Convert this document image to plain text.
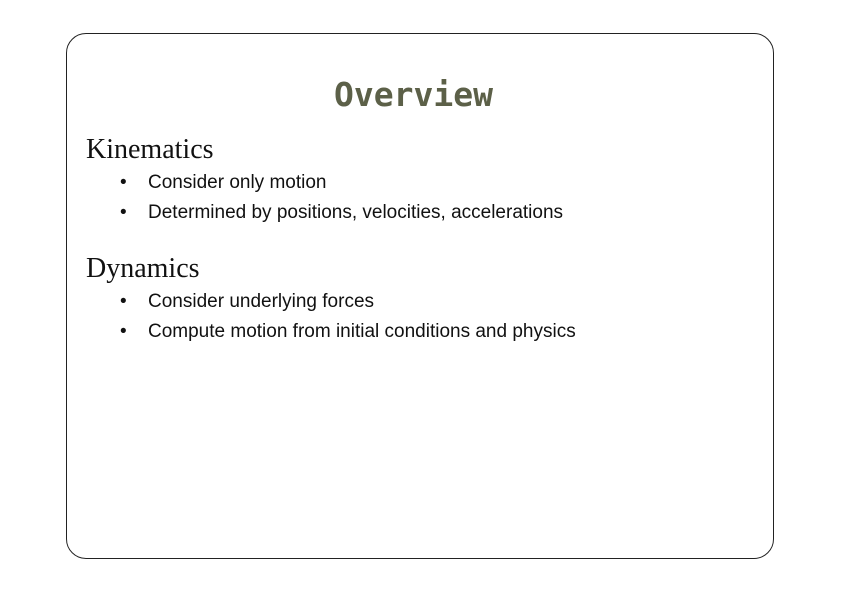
Overview
Kinematics
• Consider only motion
• Determined by positions, velocities, accelerations
Dynamics
• Consider underlying forces
• Compute motion from initial conditions and physics
